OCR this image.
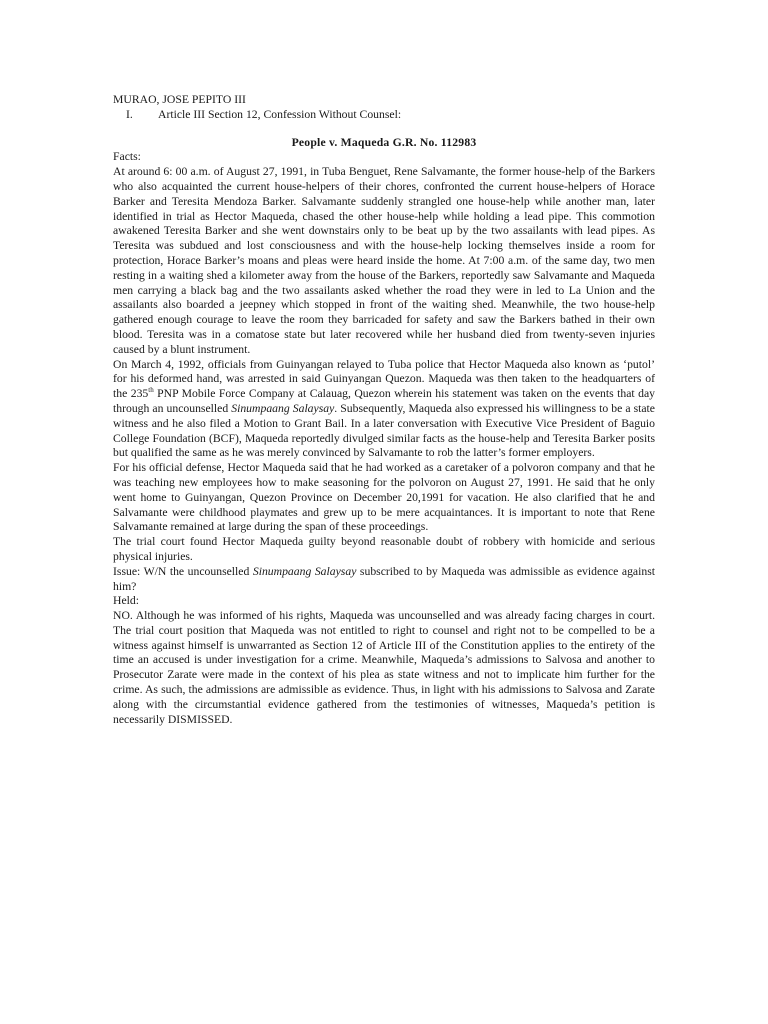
MURAO, JOSE PEPITO III

I.	Article III Section 12, Confession Without Counsel:

People v. Maqueda G.R. No. 112983

Facts:

At around 6: 00 a.m. of August 27, 1991, in Tuba Benguet, Rene Salvamante, the former house-help of the Barkers who also acquainted the current house-helpers of their chores, confronted the current house-helpers of Horace Barker and Teresita Mendoza Barker. Salvamante suddenly strangled one house-help while another man, later identified in trial as Hector Maqueda, chased the other house-help while holding a lead pipe. This commotion awakened Teresita Barker and she went downstairs only to be beat up by the two assailants with lead pipes. As Teresita was subdued and lost consciousness and with the house-help locking themselves inside a room for protection, Horace Barker’s moans and pleas were heard inside the home. At 7:00 a.m. of the same day, two men resting in a waiting shed a kilometer away from the house of the Barkers, reportedly saw Salvamante and Maqueda men carrying a black bag and the two assailants asked whether the road they were in led to La Union and the assailants also boarded a jeepney which stopped in front of the waiting shed. Meanwhile, the two house-help gathered enough courage to leave the room they barricaded for safety and saw the Barkers bathed in their own blood. Teresita was in a comatose state but later recovered while her husband died from twenty-seven injuries caused by a blunt instrument.

On March 4, 1992, officials from Guinyangan relayed to Tuba police that Hector Maqueda also known as ‘putol’ for his deformed hand, was arrested in said Guinyangan Quezon. Maqueda was then taken to the headquarters of the 235th PNP Mobile Force Company at Calauag, Quezon wherein his statement was taken on the events that day through an uncounselled Sinumpaang Salaysay. Subsequently, Maqueda also expressed his willingness to be a state witness and he also filed a Motion to Grant Bail. In a later conversation with Executive Vice President of Baguio College Foundation (BCF), Maqueda reportedly divulged similar facts as the house-help and Teresita Barker posits but qualified the same as he was merely convinced by Salvamante to rob the latter’s former employers.

For his official defense, Hector Maqueda said that he had worked as a caretaker of a polvoron company and that he was teaching new employees how to make seasoning for the polvoron on August 27, 1991. He said that he only went home to Guinyangan, Quezon Province on December 20,1991 for vacation. He also clarified that he and Salvamante were childhood playmates and grew up to be mere acquaintances. It is important to note that Rene Salvamante remained at large during the span of these proceedings.

The trial court found Hector Maqueda guilty beyond reasonable doubt of robbery with homicide and serious physical injuries.

Issue: W/N the uncounselled Sinumpaang Salaysay subscribed to by Maqueda was admissible as evidence against him?

Held:

NO. Although he was informed of his rights, Maqueda was uncounselled and was already facing charges in court. The trial court position that Maqueda was not entitled to right to counsel and right not to be compelled to be a witness against himself is unwarranted as Section 12 of Article III of the Constitution applies to the entirety of the time an accused is under investigation for a crime. Meanwhile, Maqueda’s admissions to Salvosa and another to Prosecutor Zarate were made in the context of his plea as state witness and not to implicate him further for the crime. As such, the admissions are admissible as evidence. Thus, in light with his admissions to Salvosa and Zarate along with the circumstantial evidence gathered from the testimonies of witnesses, Maqueda’s petition is necessarily DISMISSED.
